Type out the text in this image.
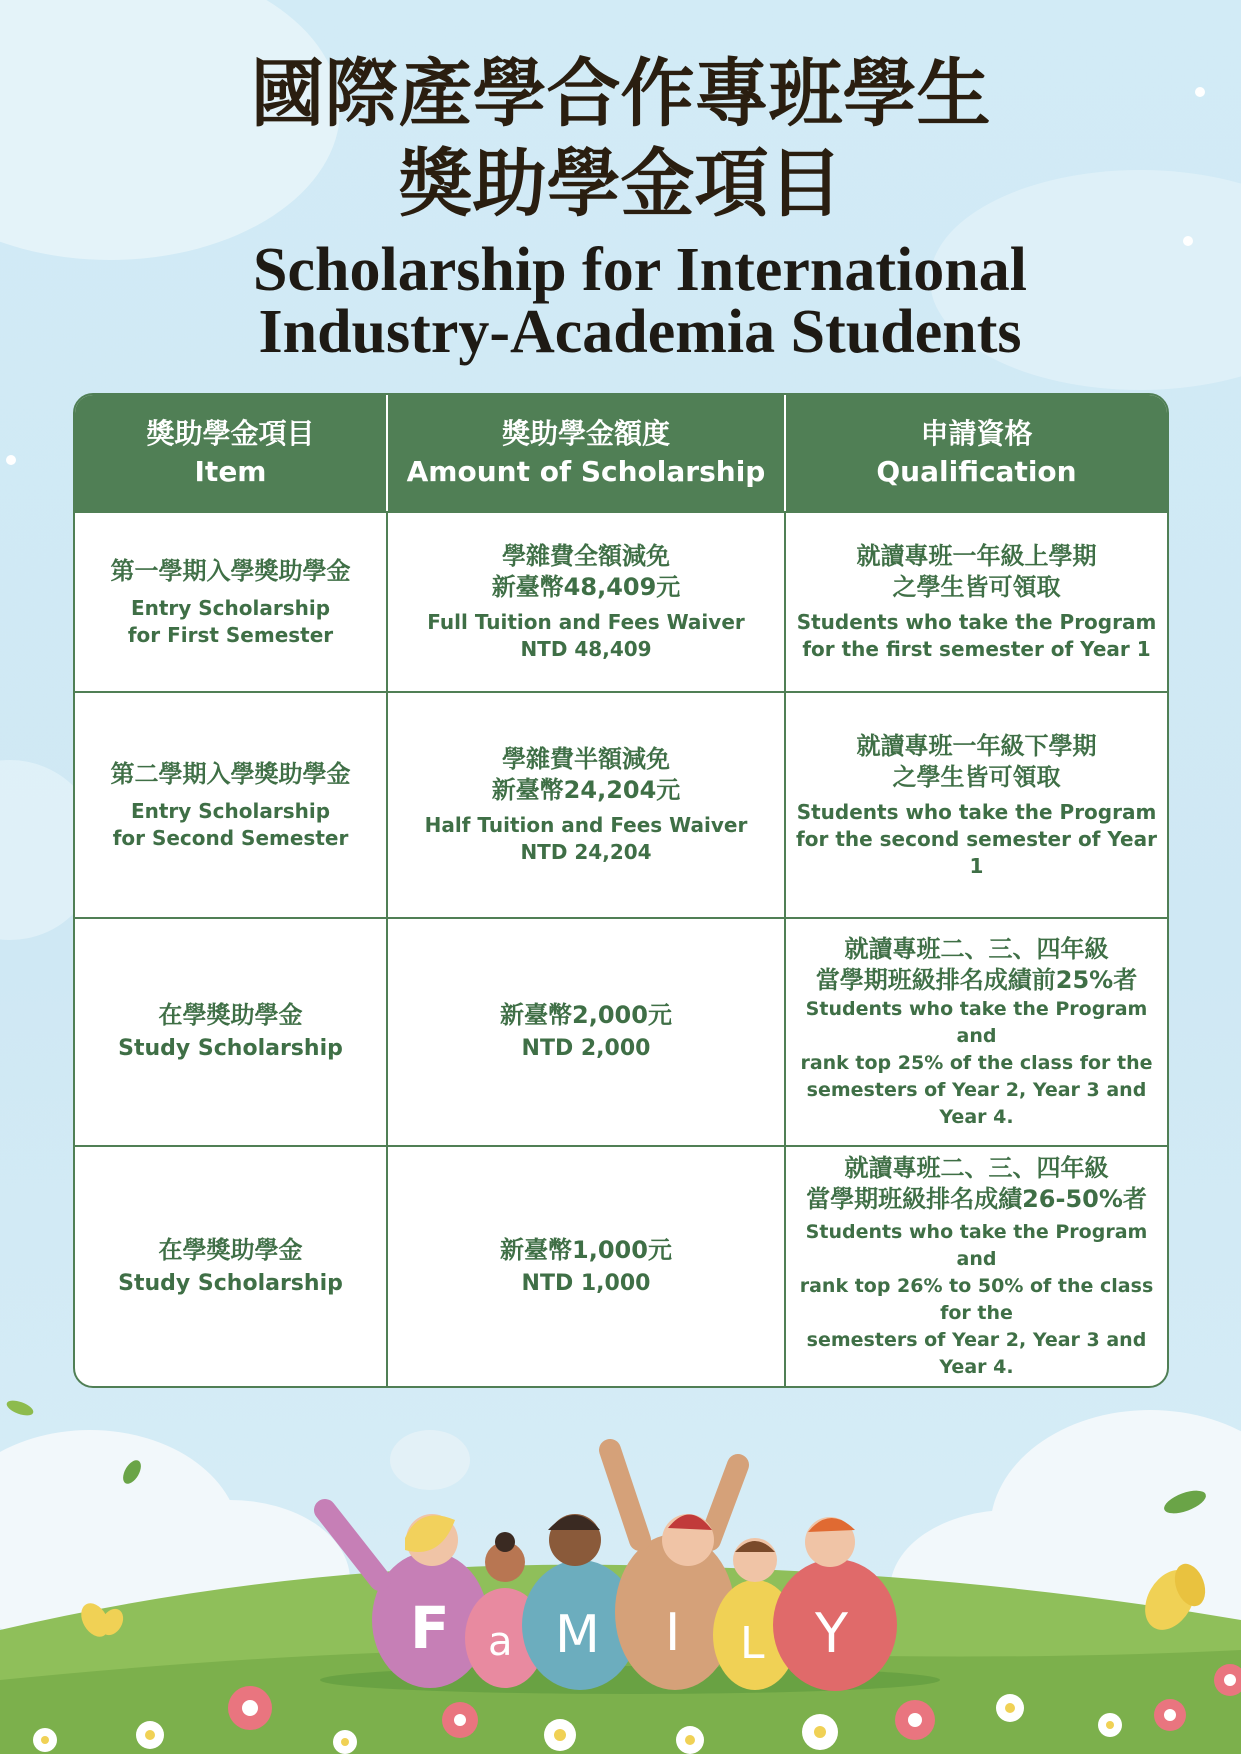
國際產學合作專班學生
獎助學金項目
Scholarship for International
Industry-Academia Students
獎助學金項目
Item
獎助學金額度
Amount of Scholarship
申請資格
Qualification
第一學期入學獎助學金
Entry Scholarship
for First Semester
學雜費全額減免
新臺幣48,409元
Full Tuition and Fees Waiver
NTD 48,409
就讀專班一年級上學期
之學生皆可領取
Students who take the Program
for the first semester of Year 1
第二學期入學獎助學金
Entry Scholarship
for Second Semester
學雜費半額減免
新臺幣24,204元
Half Tuition and Fees Waiver
NTD 24,204
就讀專班一年級下學期
之學生皆可領取
Students who take the Program
for the second semester of Year 1
在學獎助學金
Study Scholarship
新臺幣2,000元
NTD 2,000
就讀專班二、三、四年級
當學期班級排名成績前25%者
Students who take the Program and
rank top 25% of the class for the
semesters of Year 2, Year 3 and Year 4.
在學獎助學金
Study Scholarship
新臺幣1,000元
NTD 1,000
就讀專班二、三、四年級
當學期班級排名成績26-50%者
Students who take the Program and
rank top 26% to 50% of the class for the
semesters of Year 2, Year 3 and Year 4.
F a M I L Y
